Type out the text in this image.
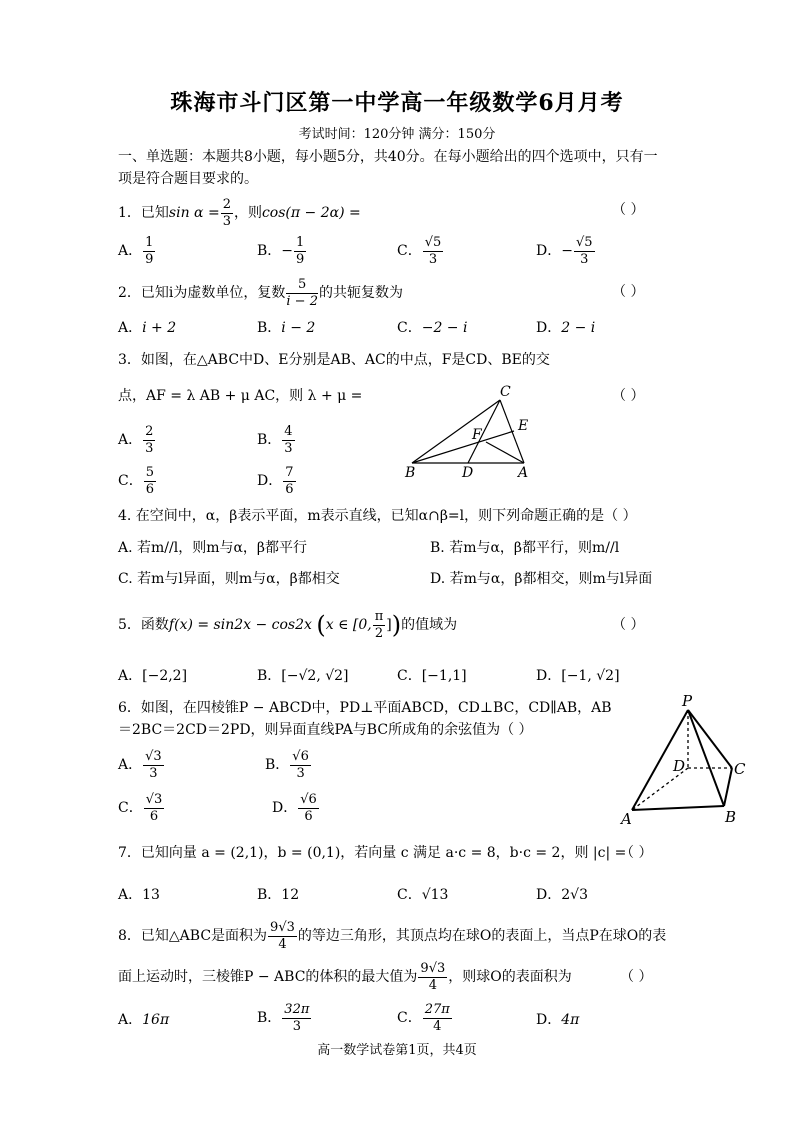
珠海市斗门区第一中学高一年级数学6月月考
考试时间：120分钟 满分：150分
一、单选题：本题共8小题，每小题5分，共40分。在每小题给出的四个选项中，只有一
项是符合题目要求的。
1．已知$\sin \alpha = \frac{2}{3}$ ，则cos(π − 2α) =	（ ）
A． $\frac{1}{9}$	B．− $\frac{1}{9}$	C． $\frac{√5}{3}$	D．− $\frac{√5}{3}$
2．已知i为虚数单位，复数 $\frac{5}{i - 2}$ 的共轭复数为	（ ）
A．i + 2	B．i − 2	C．−2 − i	D．2 − i
3．如图，在△ABC中D、E分别是AB、AC的中点，F是CD、BE的交
点，AF = λ AB + μ AC，则 λ + μ =	（ ）
A． $\frac{2}{3}$	B． $\frac{4}{3}$
C． $\frac{5}{6}$	D． $\frac{7}{6}$
C
E
F
B	D	A
4. 在空间中，α，β表示平面，m表示直线，已知α∩β=l，则下列命题正确的是（ ）
A. 若m//l，则m与α，β都平行	B. 若m与α，β都平行，则m//l
C. 若m与l异面，则m与α，β都相交	D. 若m与α，β都相交，则m与l异面
5．函数f(x) = sin2x − cos2x (x ∈ [0, $\frac{\pi}{2}$ ])的值域为	（ ）
A．[−2,2]	B．[−√2, √2]	C．[−1,1]	D．[−1, √2]
6．如图，在四棱锥P − ABCD中，PD⊥平面ABCD，CD⊥BC，CD∥AB，AB
＝2BC＝2CD＝2PD，则异面直线PA与BC所成角的余弦值为（ ）
A． $\frac{√3}{3}$	B． $\frac{√6}{3}$
C． $\frac{√3}{6}$	D． $\frac{√6}{6}$
P
D	C
A	B
7．已知向量 a = (2,1)，b = (0,1)，若向量 c 满足 a·c = 8，b·c = 2，则 |c| =
（ ）
A．13	B．12	C．√13	D．2√3
8．已知△ABC是面积为 $\frac{9√3}{4}$ 的等边三角形，其顶点均在球O的表面上，当点P在球O的表
面上运动时，三棱锥P − ABC的体积的最大值为 $\frac{9√3}{4}$ ，则球O的表面积为	（ ）
A．16π	B． $\frac{32\pi}{3}$	C． $\frac{27\pi}{4}$	D．4π
高一数学试卷第1页，共4页
